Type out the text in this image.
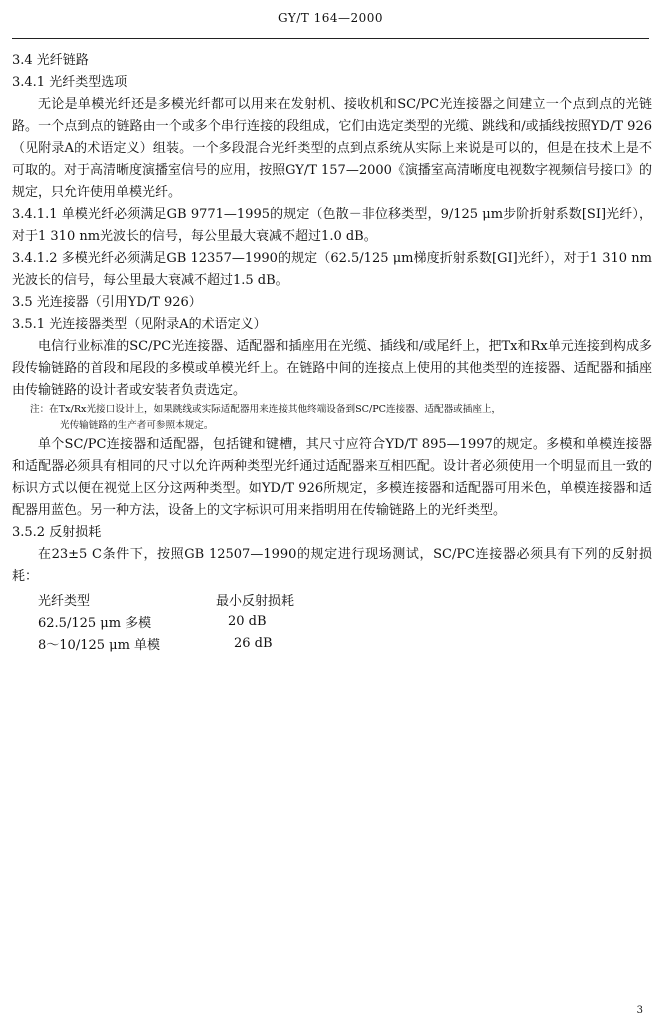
GY/T 164—2000

3.4 光纤链路

3.4.1 光纤类型选项

无论是单模光纤还是多模光纤都可以用来在发射机、接收机和SC/PC光连接器之间建立一个点到点的光链路。一个点到点的链路由一个或多个串行连接的段组成，它们由选定类型的光缆、跳线和/或插线按照YD/T 926（见附录A的术语定义）组装。一个多段混合光纤类型的点到点系统从实际上来说是可以的，但是在技术上是不可取的。对于高清晰度演播室信号的应用，按照GY/T 157—2000《演播室高清晰度电视数字视频信号接口》的规定，只允许使用单模光纤。

3.4.1.1 单模光纤必须满足GB 9771—1995的规定（色散－非位移类型，9/125 μm步阶折射系数[SI]光纤），对于1 310 nm光波长的信号，每公里最大衰减不超过1.0 dB。

3.4.1.2 多模光纤必须满足GB 12357—1990的规定（62.5/125 μm梯度折射系数[GI]光纤），对于1 310 nm光波长的信号，每公里最大衰减不超过1.5 dB。

3.5 光连接器（引用YD/T 926）

3.5.1 光连接器类型（见附录A的术语定义）

电信行业标准的SC/PC光连接器、适配器和插座用在光缆、插线和/或尾纤上，把Tx和Rx单元连接到构成多段传输链路的首段和尾段的多模或单模光纤上。在链路中间的连接点上使用的其他类型的连接器、适配器和插座由传输链路的设计者或安装者负责选定。

注：在Tx/Rx光接口设计上，如果跳线或实际适配器用来连接其他终端设备到SC/PC连接器、适配器或插座上，

光传输链路的生产者可参照本规定。

单个SC/PC连接器和适配器，包括键和键槽，其尺寸应符合YD/T 895—1997的规定。多模和单模连接器和适配器必须具有相同的尺寸以允许两种类型光纤通过适配器来互相匹配。设计者必须使用一个明显而且一致的标识方式以便在视觉上区分这两种类型。如YD/T 926所规定，多模连接器和适配器可用米色，单模连接器和适配器用蓝色。另一种方法，设备上的文字标识可用来指明用在传输链路上的光纤类型。

3.5.2 反射损耗

在23±5 C条件下，按照GB 12507—1990的规定进行现场测试，SC/PC连接器必须具有下列的反射损耗：

光纤类型	最小反射损耗
62.5/125 μm 多模	20 dB
8～10/125 μm 单模	26 dB
3
